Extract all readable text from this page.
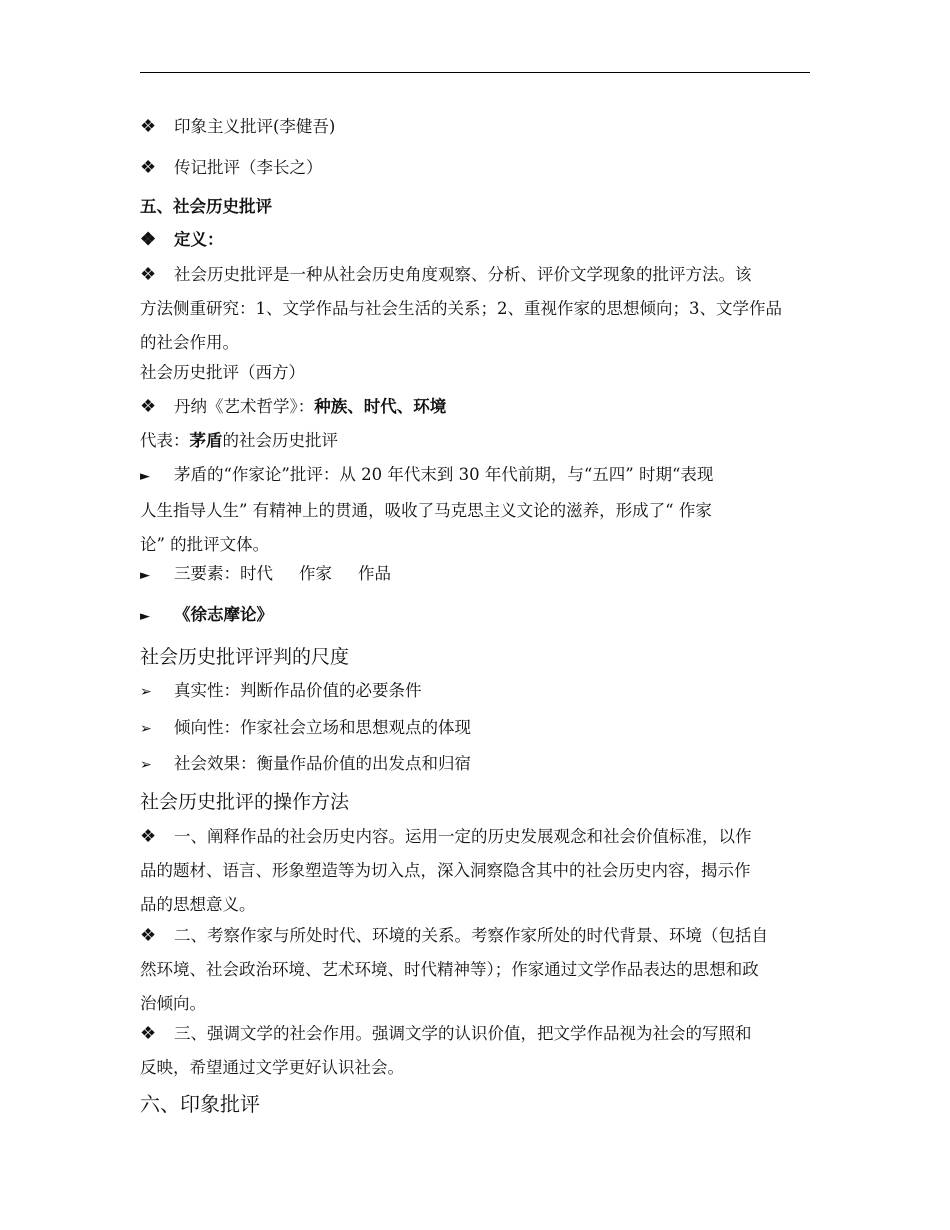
❖ 印象主义批评(李健吾)
❖ 传记批评（李长之）
五、社会历史批评
❖ 定义：
❖ 社会历史批评是一种从社会历史角度观察、分析、评价文学现象的批评方法。该
方法侧重研究：1、文学作品与社会生活的关系；2、重视作家的思想倾向；3、文学作品
的社会作用。
社会历史批评（西方）
❖ 丹纳《艺术哲学》：种族、时代、环境
代表：茅盾的社会历史批评
► 茅盾的“作家论”批评：从 20 年代末到 30 年代前期，与“五四” 时期“表现
人生指导人生” 有精神上的贯通，吸收了马克思主义文论的滋养，形成了“ 作家
论” 的批评文体。
► 三要素：时代 作家 作品
► 《徐志摩论》
社会历史批评评判的尺度
➢ 真实性：判断作品价值的必要条件
➢ 倾向性：作家社会立场和思想观点的体现
➢ 社会效果：衡量作品价值的出发点和归宿
社会历史批评的操作方法
❖ 一、阐释作品的社会历史内容。运用一定的历史发展观念和社会价值标准，以作
品的题材、语言、形象塑造等为切入点，深入洞察隐含其中的社会历史内容，揭示作
品的思想意义。
❖ 二、考察作家与所处时代、环境的关系。考察作家所处的时代背景、环境（包括自
然环境、社会政治环境、艺术环境、时代精神等）；作家通过文学作品表达的思想和政
治倾向。
❖ 三、强调文学的社会作用。强调文学的认识价值，把文学作品视为社会的写照和
反映，希望通过文学更好认识社会。
六、印象批评
